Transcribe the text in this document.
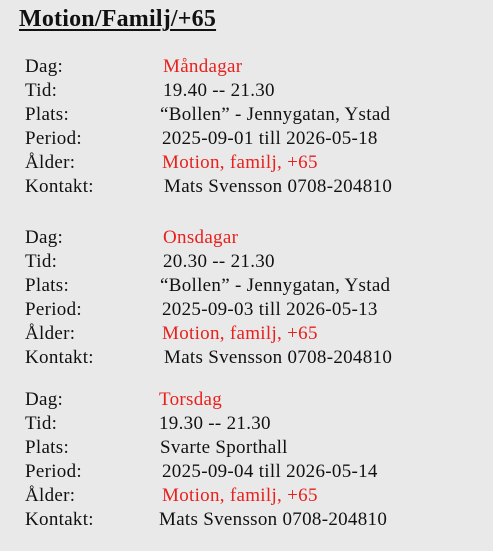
Motion/Familj/+65
Dag:	Måndagar
Tid:	19.40 -- 21.30
Plats:	“Bollen” - Jennygatan, Ystad
Period:	2025-09-01 till 2026-05-18
Ålder:	Motion, familj, +65
Kontakt:	Mats Svensson 0708-204810
Dag:	Onsdagar
Tid:	20.30 -- 21.30
Plats:	“Bollen” - Jennygatan, Ystad
Period:	2025-09-03 till 2026-05-13
Ålder:	Motion, familj, +65
Kontakt:	Mats Svensson 0708-204810
Dag:	Torsdag
Tid:	19.30 -- 21.30
Plats:	Svarte Sporthall
Period:	2025-09-04 till 2026-05-14
Ålder:	Motion, familj, +65
Kontakt:	Mats Svensson 0708-204810
